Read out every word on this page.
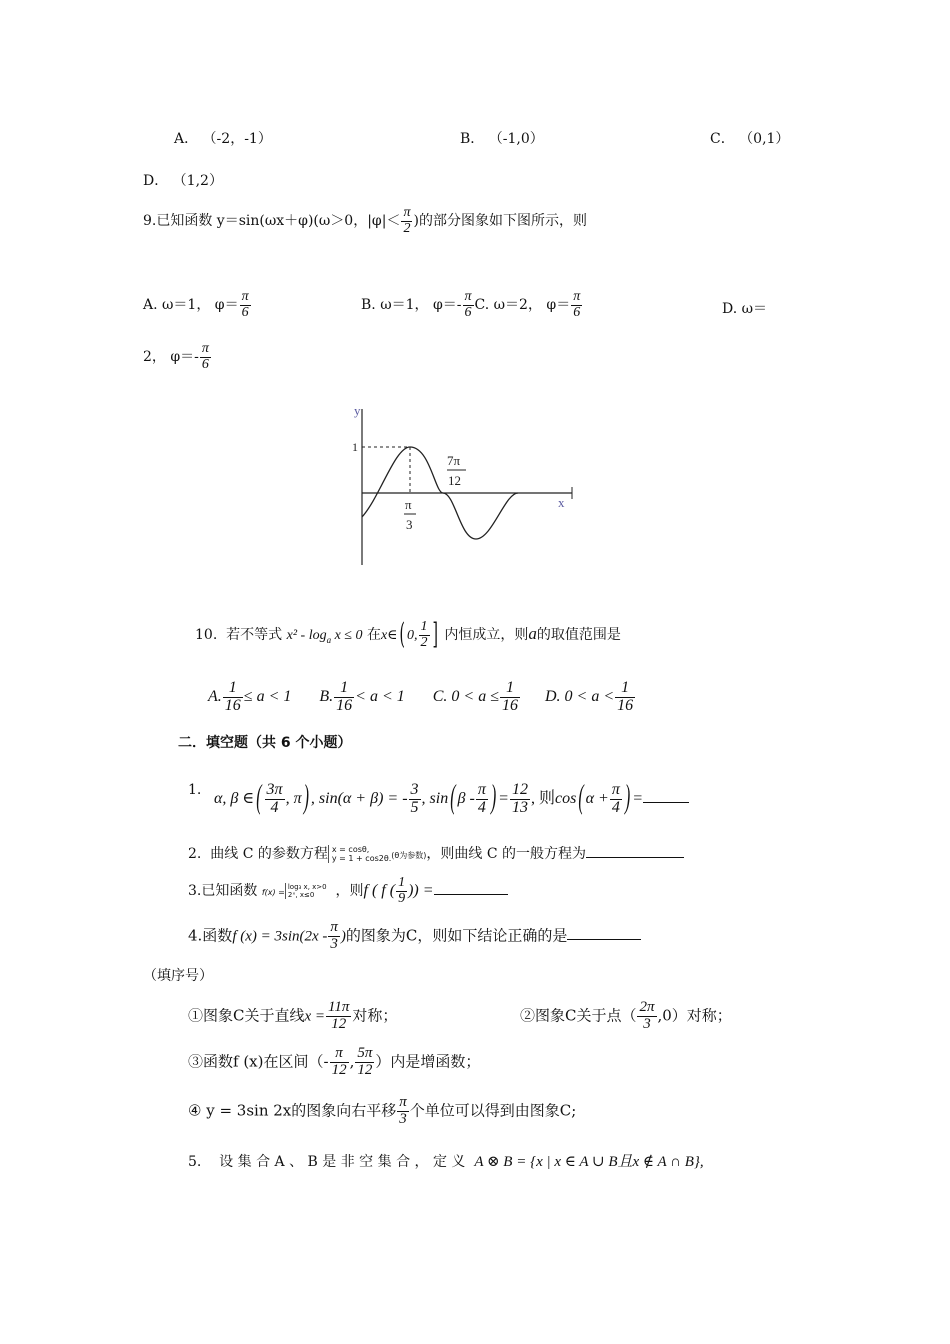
A． （-2，-1）	B． （-1,0）	C． （0,1）
D． （1,2）
9.已知函数 y＝sin(ωx＋φ)(ω＞0，$|\varphi|< \frac{\pi}{2}$ )的部分图象如下图所示，则
A. ω＝1， $\varphi= \frac{\pi}{6}$	B. ω＝1， $\varphi=- \frac{\pi}{6} C$. ω＝2， $\varphi= \frac{\pi}{6}$	D. ω＝
2， $\varphi=- \frac{\pi}{6}$
y
x
1
7π
12
π
3
10. 若不等式 $x^2 - \log_a x \le 0$ 在x∈ ( 0, $\frac{1}{2}$ ] 内恒成立，则a的取值范围是
A. $\frac{1}{16} \le a < 1$ B. $\frac{1}{16} < a < 1$ C. $0 < a \le \frac{1}{16} D$. $0 < a < \frac{1}{16}$
二．填空题（共 6 个小题）
1. α, β ∈ ( $\frac{3\pi}{4}$ , π ) , sin(α + β) = - $\frac{3}{5}$ , sin ( β - $\frac{\pi}{4}$ ) = $\frac{12}{13}$ , 则cos ( $\alpha + \frac{\pi}{4}$ ) =
2. 曲线 C 的参数方程 x = cosθ,
y = 1 + cos2θ. (θ为参数)，则曲线 C 的一般方程为
3.已知函数 f(x) =
log₃ x, x>0
2ˣ, x≤0	，则f ( f ( $\frac{1}{9}$ )) =
4.函数f $(x) = 3\sin(2x - \frac{\pi}{3}$ )的图象为C，则如下结论正确的是
（填序号）
①图象C关于直线$x = \frac{11\pi}{12}$ 对称；	②图象C关于点（ $\frac{2\pi}{3} ,0$）对称；
③函数f (x)在区间（- $\frac{\pi}{12}$ , $\frac{5\pi}{12}$ ）内是增函数；
④ y = 3sin 2x的图象向右平移 $\frac{\pi}{3}$ 个单位可以得到由图象C;
5. 设 集 合 A 、 B 是 非 空 集 合 ， 定 义 A ⊗ B = {x | x ∈ A ∪ B且x ∉ A ∩ B},
